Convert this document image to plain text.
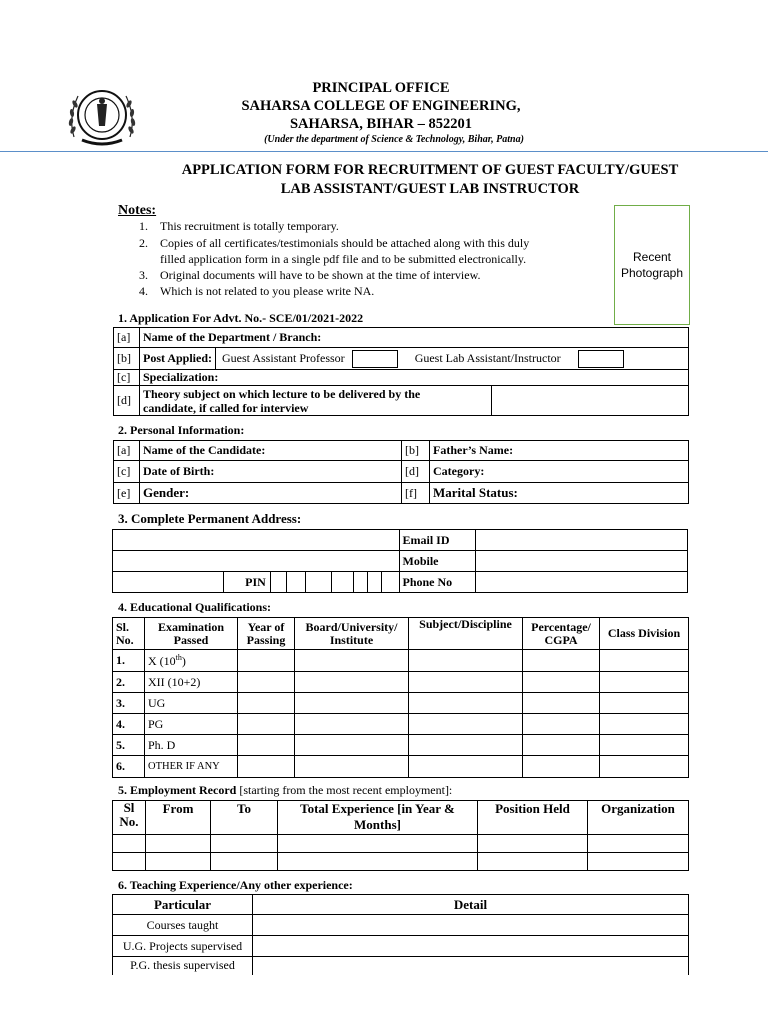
PRINCIPAL OFFICE
SAHARSA COLLEGE OF ENGINEERING,
SAHARSA, BIHAR – 852201
(Under the department of Science & Technology, Bihar, Patna)
APPLICATION FORM FOR RECRUITMENT OF GUEST FACULTY/GUEST
LAB ASSISTANT/GUEST LAB INSTRUCTOR
Recent
Photograph
Notes:
1. This recruitment is totally temporary.
2. Copies of all certificates/testimonials should be attached along with this duly
filled application form in a single pdf file and to be submitted electronically.
3. Original documents will have to be shown at the time of interview.
4. Which is not related to you please write NA.
1. Application For Advt. No.- SCE/01/2021-2022
[a]	Name of the Department / Branch:	
[b]	Post Applied: Guest Assistant Professor Guest Lab Assistant/Instructor	
[c]	Specialization:	
[d]	Theory subject on which lecture to be delivered by the
candidate, if called for interview	
2. Personal Information:
[a]	Name of the Candidate:	[b]	Father’s Name:
[c]	Date of Birth:	[d]	Category:
[e]	Gender:	[f]	Marital Status:
3. Complete Permanent Address:
									Email ID	
									Mobile	
	PIN								Phone No	
4. Educational Qualifications:
Sl. No.	Examination Passed	Year of Passing	Board/University/ Institute	Subject/Discipline	Percentage/ CGPA	Class Division
1.	X (10th)					
2.	XII (10+2)					
3.	UG					
4.	PG					
5.	Ph. D					
6.	OTHER IF ANY					
5. Employment Record [starting from the most recent employment]:
Sl No.	From	To	Total Experience [in Year & Months]	Position Held	Organization

6. Teaching Experience/Any other experience:
Particular	Detail
Courses taught	
U.G. Projects supervised	
P.G. thesis supervised	
